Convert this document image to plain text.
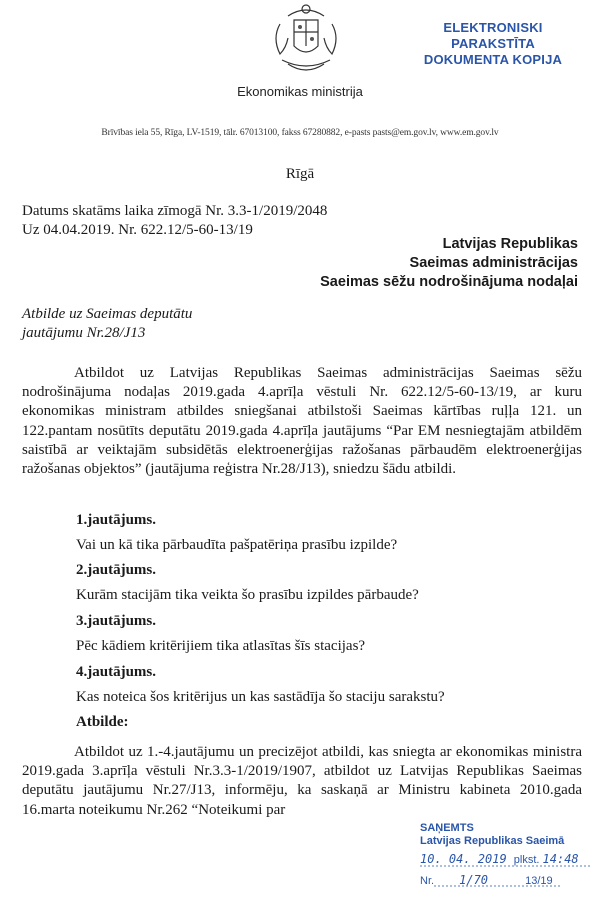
Ekonomikas ministrija
Brīvības iela 55, Rīga, LV-1519, tālr. 67013100, fakss 67280882, e-pasts pasts@em.gov.lv, www.em.gov.lv
ELEKTRONISKI PARAKSTĪTA
DOKUMENTA KOPIJA
Rīgā
Datums skatāms laika zīmogā Nr. 3.3-1/2019/2048
Uz 04.04.2019. Nr. 622.12/5-60-13/19
Latvijas Republikas
Saeimas administrācijas
Saeimas sēžu nodrošinājuma nodaļai
Atbilde uz Saeimas deputātu
jautājumu Nr.28/J13
Atbildot uz Latvijas Republikas Saeimas administrācijas Saeimas sēžu nodrošinājuma nodaļas 2019.gada 4.aprīļa vēstuli Nr. 622.12/5-60-13/19, ar kuru ekonomikas ministram atbildes sniegšanai atbilstoši Saeimas kārtības ruļļa 121. un 122.pantam nosūtīts deputātu 2019.gada 4.aprīļa jautājums “Par EM nesniegtajām atbildēm saistībā ar veiktajām subsidētās elektroenerģijas ražošanas pārbaudēm elektroenerģijas ražošanas objektos” (jautājuma reģistra Nr.28/J13), sniedzu šādu atbildi.
1.jautājums.
Vai un kā tika pārbaudīta pašpatēriņa prasību izpilde?
2.jautājums.
Kurām stacijām tika veikta šo prasību izpildes pārbaude?
3.jautājums.
Pēc kādiem kritērijiem tika atlasītas šīs stacijas?
4.jautājums.
Kas noteica šos kritērijus un kas sastādīja šo staciju sarakstu?
Atbilde:
Atbildot uz 1.-4.jautājumu un precizējot atbildi, kas sniegta ar ekonomikas ministra 2019.gada 3.aprīļa vēstuli Nr.3.3-1/2019/1907, atbildot uz Latvijas Republikas Saeimas deputātu jautājumu Nr.27/J13, informēju, ka saskaņā ar Ministru kabineta 2010.gada 16.marta noteikumu Nr.262 “Noteikumi par
SAŅEMTS
Latvijas Republikas Saeimā
10. 04. 2019 plkst. 14:48
Nr. 1/70	13/19
